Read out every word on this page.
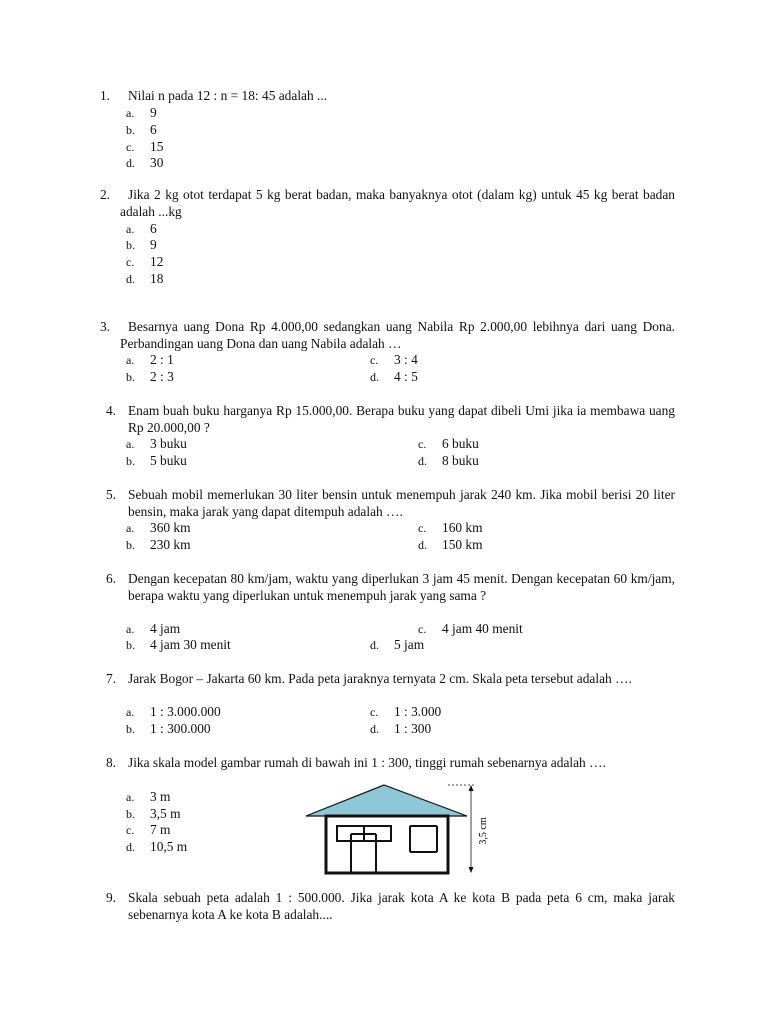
1. Nilai n pada 12 : n = 18: 45 adalah ...
a. 9
b. 6
c. 15
d. 30
2.	Jika 2 kg otot terdapat 5 kg berat badan, maka banyaknya otot (dalam kg) untuk 45 kg berat badan adalah ...kg
a. 6
b. 9
c. 12
d. 18
3.	Besarnya uang Dona Rp 4.000,00 sedangkan uang Nabila Rp 2.000,00 lebihnya dari uang Dona. Perbandingan uang Dona dan uang Nabila adalah …
a. 2 : 1
b. 2 : 3
c. 3 : 4
d. 4 : 5
4. Enam buah buku harganya Rp 15.000,00. Berapa buku yang dapat dibeli Umi jika ia membawa uang Rp 20.000,00 ?
a. 3 buku
b. 5 buku
c. 6 buku
d. 8 buku
5. Sebuah mobil memerlukan 30 liter bensin untuk menempuh jarak 240 km. Jika mobil berisi 20 liter bensin, maka jarak yang dapat ditempuh adalah ….
a. 360 km
b. 230 km
c. 160 km
d. 150 km
6. Dengan kecepatan 80 km/jam, waktu yang diperlukan 3 jam 45 menit. Dengan kecepatan 60 km/jam, berapa waktu yang diperlukan untuk menempuh jarak yang sama ?
a. 4 jam
b. 4 jam 30 menit
c. 4 jam 40 menit
d. 5 jam
7. Jarak Bogor – Jakarta 60 km. Pada peta jaraknya ternyata 2 cm. Skala peta tersebut adalah ….
a. 1 : 3.000.000
b. 1 : 300.000
c. 1 : 3.000
d. 1 : 300
8. Jika skala model gambar rumah di bawah ini 1 : 300, tinggi rumah sebenarnya adalah ….
a. 3 m
b. 3,5 m
c. 7 m
d. 10,5 m
3,5 cm
9. Skala sebuah peta adalah 1 : 500.000. Jika jarak kota A ke kota B pada peta 6 cm, maka jarak sebenarnya kota A ke kota B adalah....
